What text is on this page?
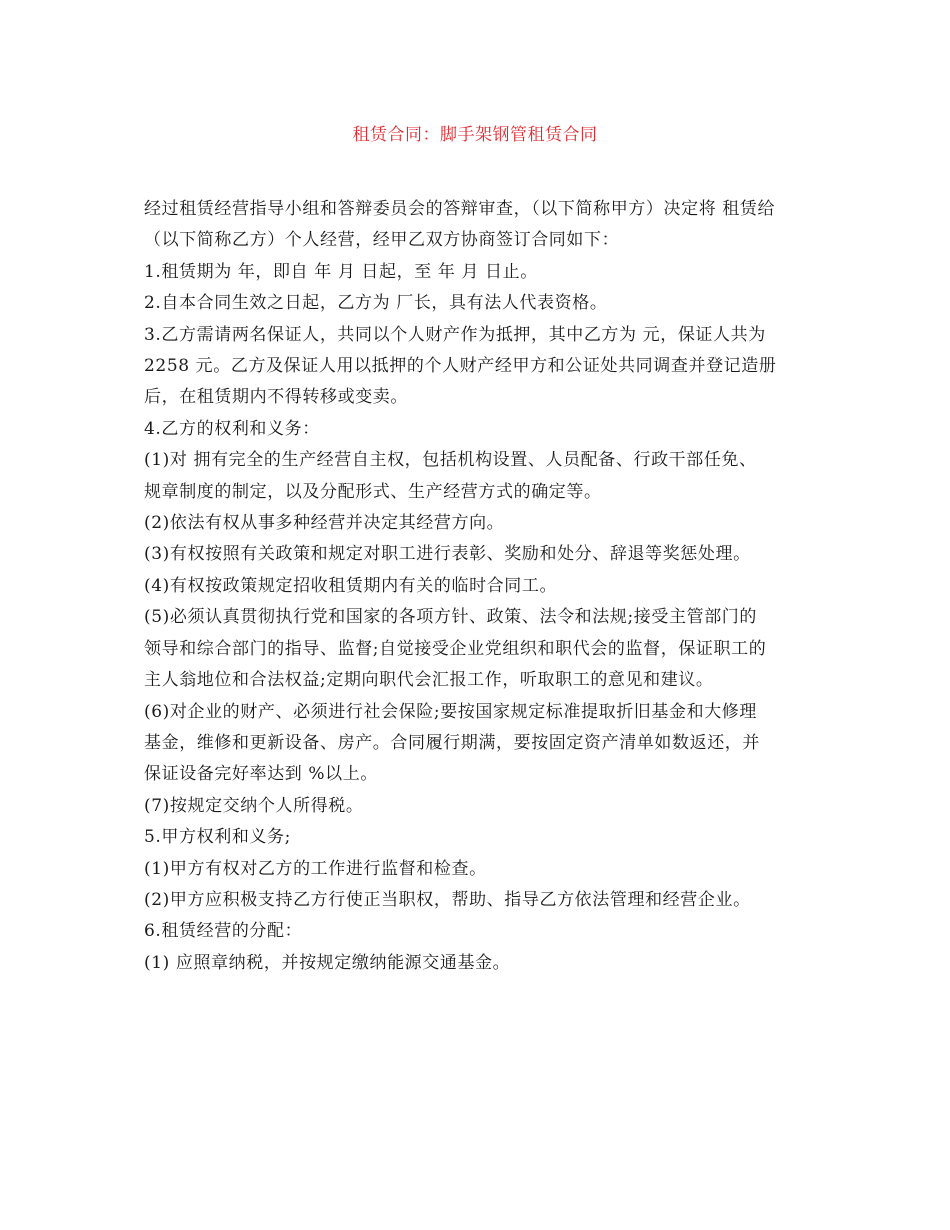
租赁合同：脚手架钢管租赁合同

经过租赁经营指导小组和答辩委员会的答辩审查，（以下简称甲方）决定将 租赁给

（以下简称乙方）个人经营，经甲乙双方协商签订合同如下：

1.租赁期为 年，即自 年 月 日起，至 年 月 日止。

2.自本合同生效之日起，乙方为 厂长，具有法人代表资格。

3.乙方需请两名保证人，共同以个人财产作为抵押，其中乙方为 元，保证人共为

2258 元。乙方及保证人用以抵押的个人财产经甲方和公证处共同调查并登记造册

后，在租赁期内不得转移或变卖。

4.乙方的权利和义务：

(1)对 拥有完全的生产经营自主权，包括机构设置、人员配备、行政干部任免、

规章制度的制定，以及分配形式、生产经营方式的确定等。

(2)依法有权从事多种经营并决定其经营方向。

(3)有权按照有关政策和规定对职工进行表彰、奖励和处分、辞退等奖惩处理。

(4)有权按政策规定招收租赁期内有关的临时合同工。

(5)必须认真贯彻执行党和国家的各项方针、政策、法令和法规;接受主管部门的

领导和综合部门的指导、监督;自觉接受企业党组织和职代会的监督，保证职工的

主人翁地位和合法权益;定期向职代会汇报工作，听取职工的意见和建议。

(6)对企业的财产、必须进行社会保险;要按国家规定标准提取折旧基金和大修理

基金，维修和更新设备、房产。合同履行期满，要按固定资产清单如数返还，并

保证设备完好率达到 %以上。

(7)按规定交纳个人所得税。

5.甲方权利和义务;

(1)甲方有权对乙方的工作进行监督和检查。

(2)甲方应积极支持乙方行使正当职权，帮助、指导乙方依法管理和经营企业。

6.租赁经营的分配：

(1) 应照章纳税，并按规定缴纳能源交通基金。
